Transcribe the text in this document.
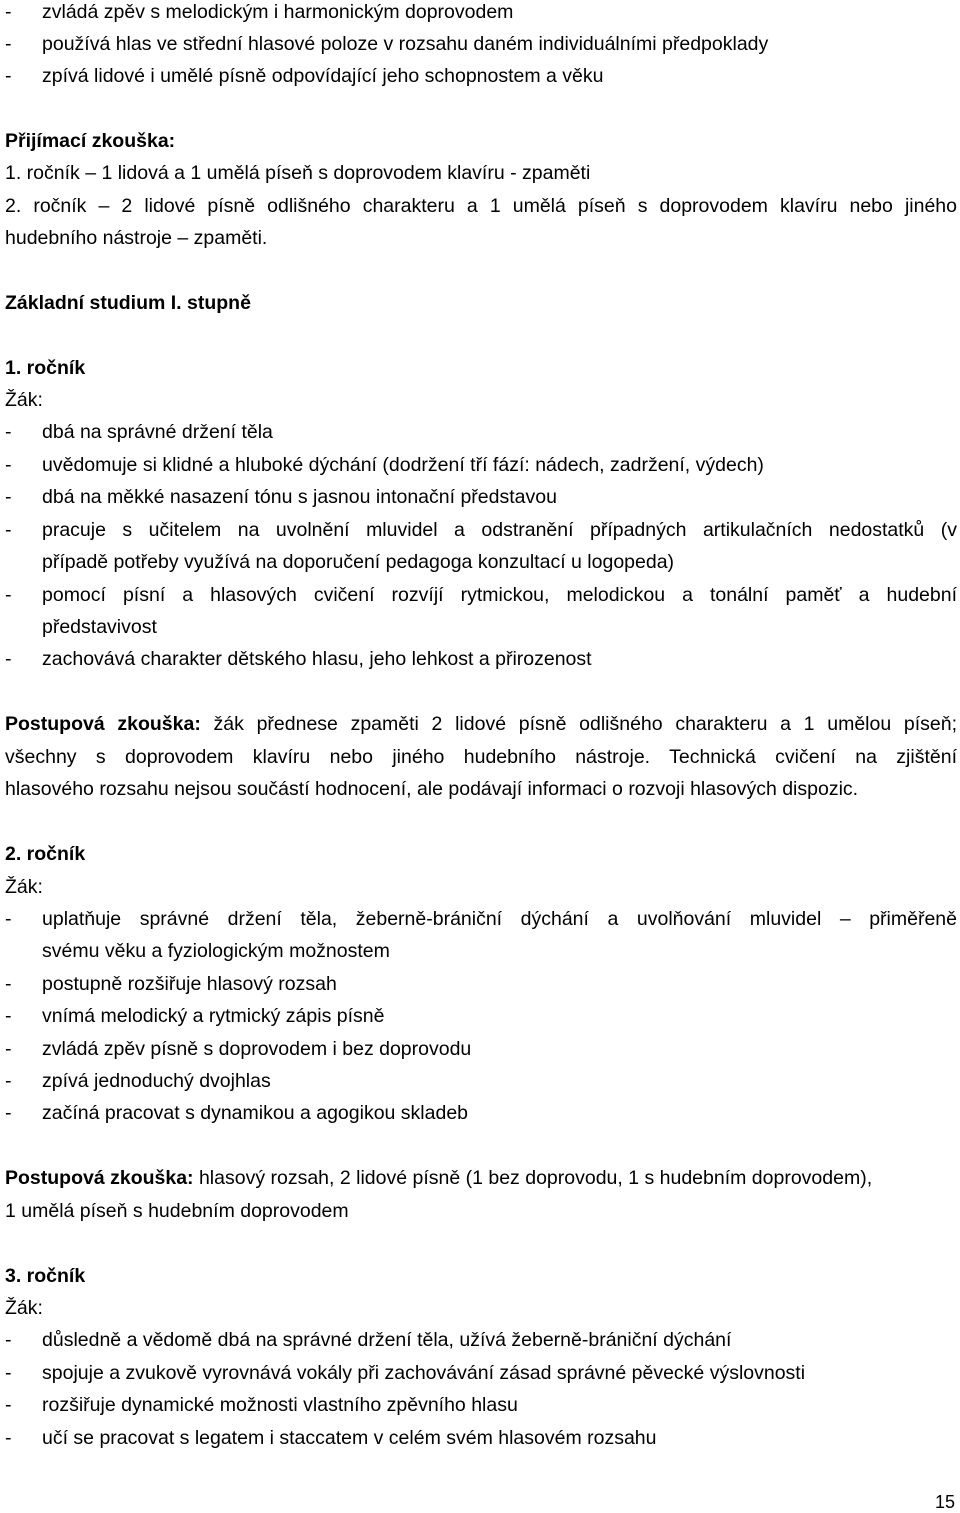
- zvládá zpěv s melodickým i harmonickým doprovodem
- používá hlas ve střední hlasové poloze v rozsahu daném individuálními předpoklady
- zpívá lidové i umělé písně odpovídající jeho schopnostem a věku
Přijímací zkouška:
1. ročník – 1 lidová a 1 umělá píseň s doprovodem klavíru - zpaměti
2. ročník – 2 lidové písně odlišného charakteru a 1 umělá píseň s doprovodem klavíru nebo jiného
hudebního nástroje – zpaměti.
Základní studium I. stupně
1. ročník
Žák:
- dbá na správné držení těla
- uvědomuje si klidné a hluboké dýchání (dodržení tří fází: nádech, zadržení, výdech)
- dbá na měkké nasazení tónu s jasnou intonační představou
- pracuje s učitelem na uvolnění mluvidel a odstranění případných artikulačních nedostatků (v
případě potřeby využívá na doporučení pedagoga konzultací u logopeda)
- pomocí písní a hlasových cvičení rozvíjí rytmickou, melodickou a tonální paměť a hudební
představivost
- zachovává charakter dětského hlasu, jeho lehkost a přirozenost
Postupová zkouška: žák přednese zpaměti 2 lidové písně odlišného charakteru a 1 umělou píseň;
všechny s doprovodem klavíru nebo jiného hudebního nástroje. Technická cvičení na zjištění
hlasového rozsahu nejsou součástí hodnocení, ale podávají informaci o rozvoji hlasových dispozic.
2. ročník
Žák:
- uplatňuje správné držení těla, žeberně-brániční dýchání a uvolňování mluvidel – přiměřeně
svému věku a fyziologickým možnostem
- postupně rozšiřuje hlasový rozsah
- vnímá melodický a rytmický zápis písně
- zvládá zpěv písně s doprovodem i bez doprovodu
- zpívá jednoduchý dvojhlas
- začíná pracovat s dynamikou a agogikou skladeb
Postupová zkouška: hlasový rozsah, 2 lidové písně (1 bez doprovodu, 1 s hudebním doprovodem),
1 umělá píseň s hudebním doprovodem
3. ročník
Žák:
- důsledně a vědomě dbá na správné držení těla, užívá žeberně-brániční dýchání
- spojuje a zvukově vyrovnává vokály při zachovávání zásad správné pěvecké výslovnosti
- rozšiřuje dynamické možnosti vlastního zpěvního hlasu
- učí se pracovat s legatem i staccatem v celém svém hlasovém rozsahu
15
